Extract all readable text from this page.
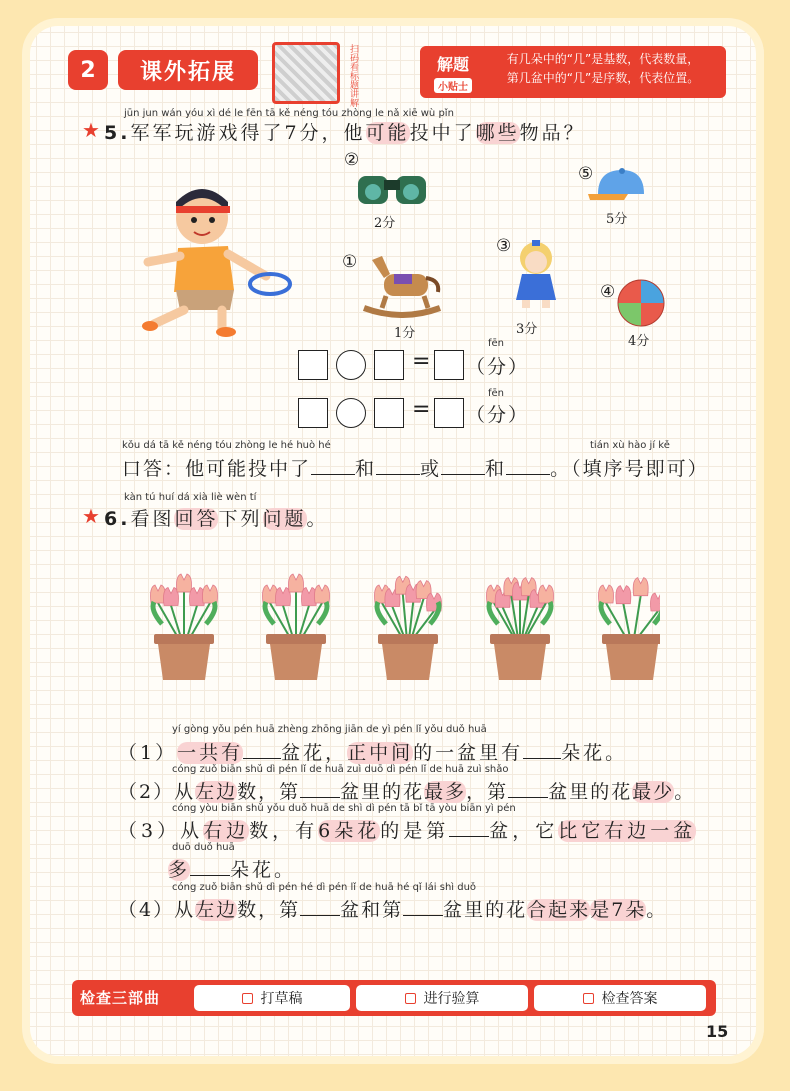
2	课外拓展	扫码看标题讲解	解题
小贴士
有几朵中的“几”是基数，代表数量，
第几盆中的“几”是序数，代表位置。
jūn jun wán yóu xì dé le fēn tā kě néng tóu zhòng le nǎ xiē wù pǐn
★ 5.军军玩游戏得了7分，他可能投中了哪些物品？
②
2分
⑤
5分
①
1分
③
3分
④
4分
=
fēn
（分）
=
fēn
（分）
kǒu dá tā kě néng tóu zhòng le hé huò hé	tián xù hào jí kě
口答：他可能投中了 和 或 和 。（填序号即可）
kàn tú huí dá xià liè wèn tí
★ 6.看图回答下列问题。
yí gòng yǒu pén huā zhèng zhōng jiān de yì pén lǐ yǒu duǒ huā
（1）一共有 盆花，正中间的一盆里有 朵花。
cóng zuǒ biān shǔ dì pén lǐ de huā zuì duō dì pén lǐ de huā zuì shǎo
（2）从左边数，第 盆里的花最多，第 盆里的花最少。
cóng yòu biān shǔ yǒu duǒ huā de shì dì pén tā bǐ tā yòu biān yì pén
（3）从右边数，有6朵花的是第 盆，它比它右边一盆
duō duǒ huā
多 朵花。
cóng zuǒ biān shǔ dì pén hé dì pén lǐ de huā hé qǐ lái shì duǒ
（4）从左边数，第 盆和第 盆里的花合起来是7朵。
检查三部曲	打草稿	进行验算	检查答案
15
